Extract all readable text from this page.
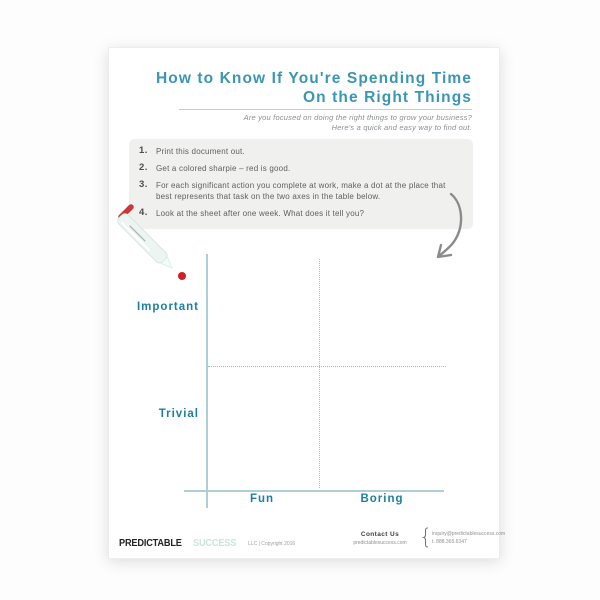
How to Know If You're Spending Time
On the Right Things
Are you focused on doing the right things to grow your business?
Here's a quick and easy way to find out.
1.	Print this document out.
2.	Get a colored sharpie – red is good.
3.	For each significant action you complete at work, make a dot at the place that best represents that task on the two axes in the table below.
4.	Look at the sheet after one week. What does it tell you?
Important
Trivial
Fun	Boring
PREDICTABLE SUCCESS LLC | Copyright 2016
Contact Us
predictablesuccess.com { inquiry@predictablesuccess.com
t. 888.365.6347
